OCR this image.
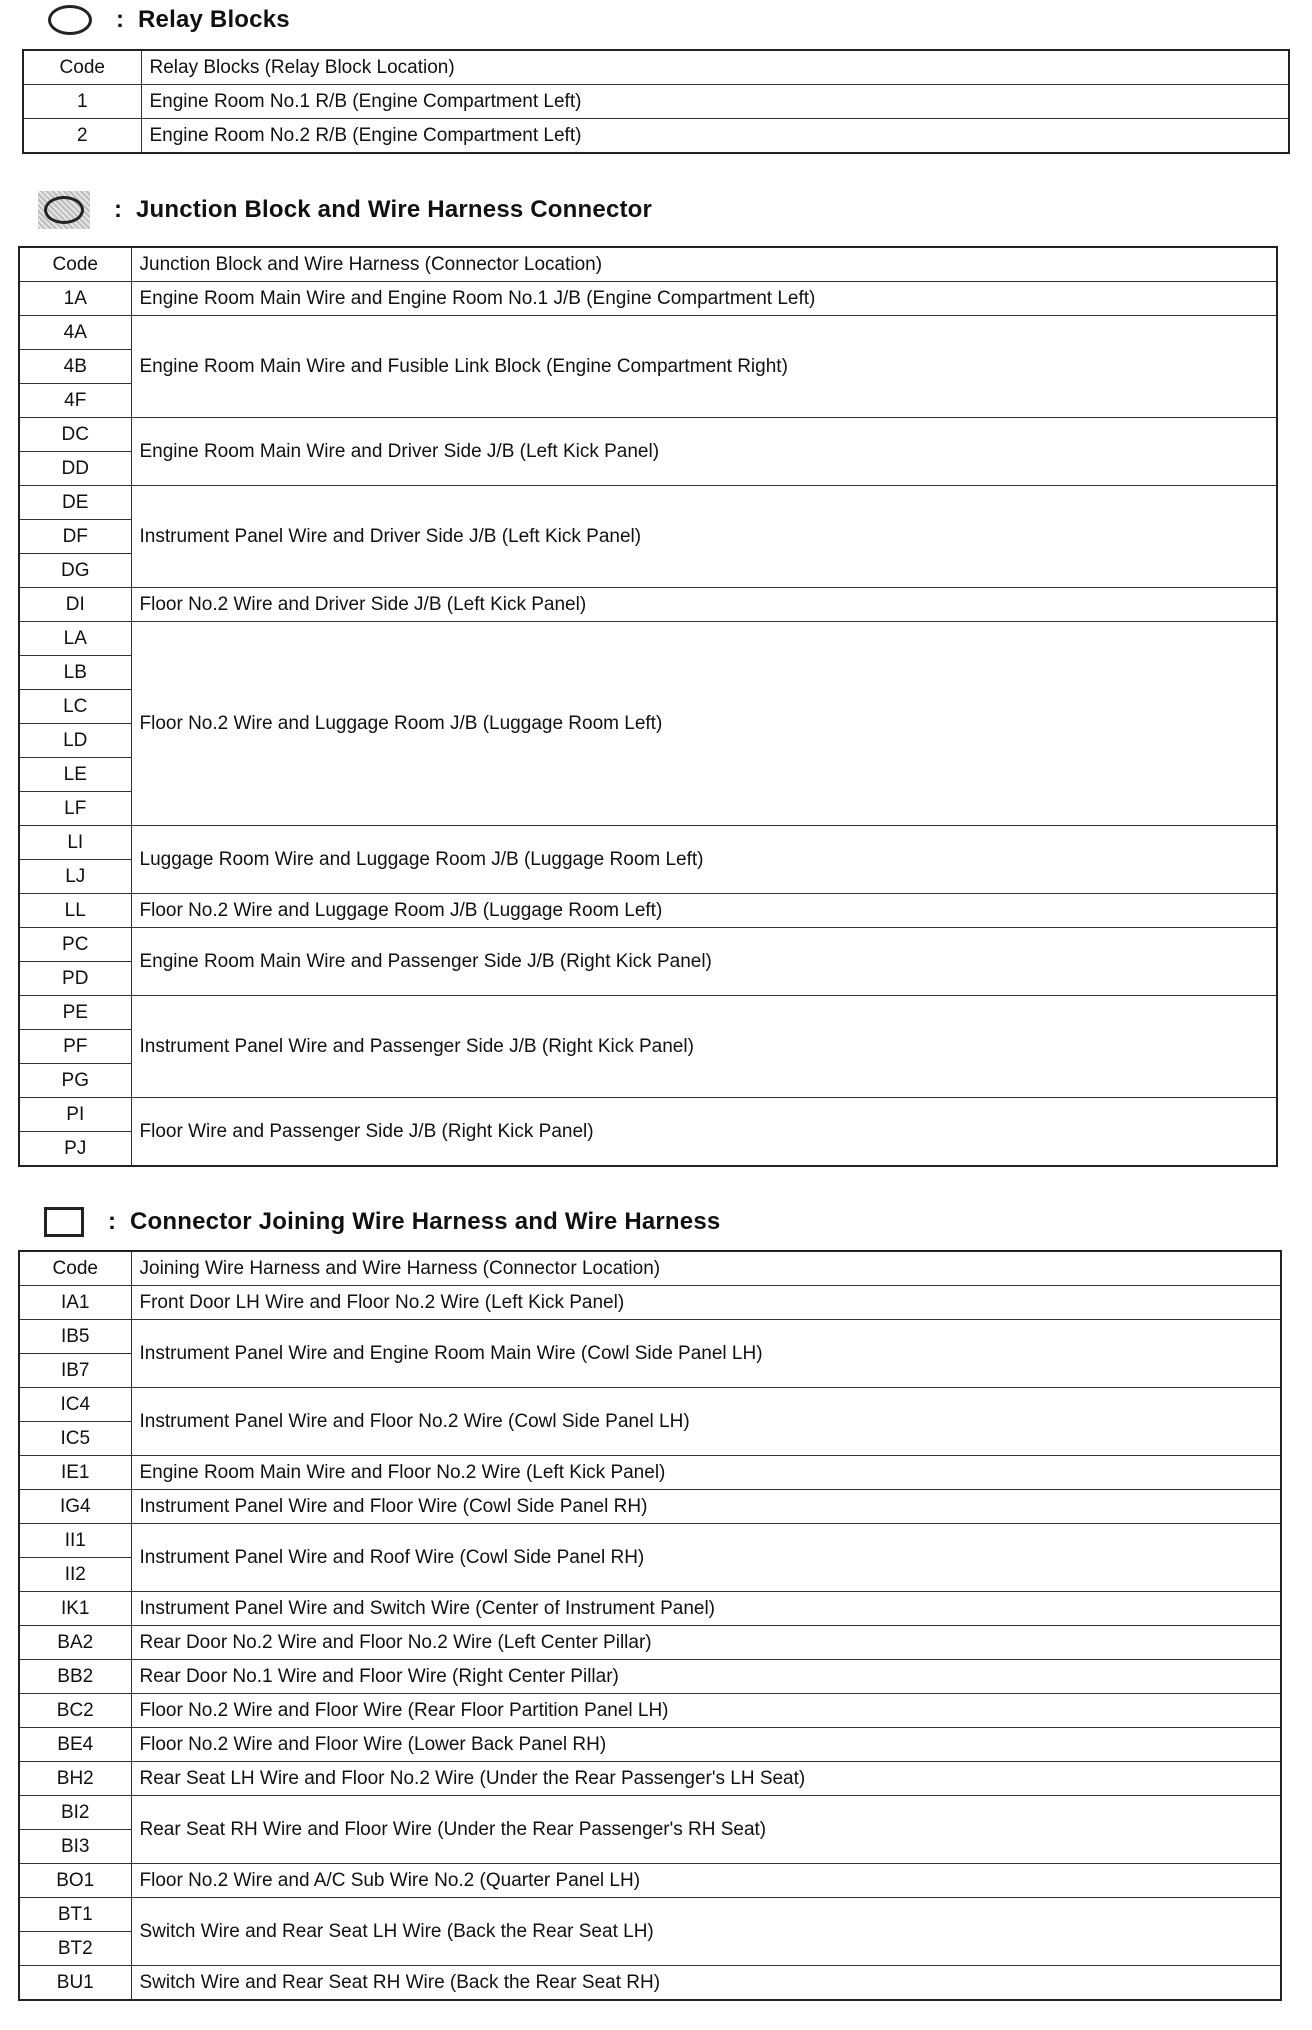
: Relay Blocks
Code	Relay Blocks (Relay Block Location)
1	Engine Room No.1 R/B (Engine Compartment Left)
2	Engine Room No.2 R/B (Engine Compartment Left)
: Junction Block and Wire Harness Connector
Code	Junction Block and Wire Harness (Connector Location)
1A	Engine Room Main Wire and Engine Room No.1 J/B (Engine Compartment Left)
4A	Engine Room Main Wire and Fusible Link Block (Engine Compartment Right)
4B	
4F	
DC	Engine Room Main Wire and Driver Side J/B (Left Kick Panel)
DD	
DE	Instrument Panel Wire and Driver Side J/B (Left Kick Panel)
DF	
DG	
DI	Floor No.2 Wire and Driver Side J/B (Left Kick Panel)
LA	Floor No.2 Wire and Luggage Room J/B (Luggage Room Left)
LB	
LC	
LD	
LE	
LF	
LI	Luggage Room Wire and Luggage Room J/B (Luggage Room Left)
LJ	
LL	Floor No.2 Wire and Luggage Room J/B (Luggage Room Left)
PC	Engine Room Main Wire and Passenger Side J/B (Right Kick Panel)
PD	
PE	Instrument Panel Wire and Passenger Side J/B (Right Kick Panel)
PF	
PG	
PI	Floor Wire and Passenger Side J/B (Right Kick Panel)
PJ	
: Connector Joining Wire Harness and Wire Harness
Code	Joining Wire Harness and Wire Harness (Connector Location)
IA1	Front Door LH Wire and Floor No.2 Wire (Left Kick Panel)
IB5	Instrument Panel Wire and Engine Room Main Wire (Cowl Side Panel LH)
IB7	
IC4	Instrument Panel Wire and Floor No.2 Wire (Cowl Side Panel LH)
IC5	
IE1	Engine Room Main Wire and Floor No.2 Wire (Left Kick Panel)
IG4	Instrument Panel Wire and Floor Wire (Cowl Side Panel RH)
II1	Instrument Panel Wire and Roof Wire (Cowl Side Panel RH)
II2	
IK1	Instrument Panel Wire and Switch Wire (Center of Instrument Panel)
BA2	Rear Door No.2 Wire and Floor No.2 Wire (Left Center Pillar)
BB2	Rear Door No.1 Wire and Floor Wire (Right Center Pillar)
BC2	Floor No.2 Wire and Floor Wire (Rear Floor Partition Panel LH)
BE4	Floor No.2 Wire and Floor Wire (Lower Back Panel RH)
BH2	Rear Seat LH Wire and Floor No.2 Wire (Under the Rear Passenger's LH Seat)
BI2	Rear Seat RH Wire and Floor Wire (Under the Rear Passenger's RH Seat)
BI3	
BO1	Floor No.2 Wire and A/C Sub Wire No.2 (Quarter Panel LH)
BT1	Switch Wire and Rear Seat LH Wire (Back the Rear Seat LH)
BT2	
BU1	Switch Wire and Rear Seat RH Wire (Back the Rear Seat RH)
